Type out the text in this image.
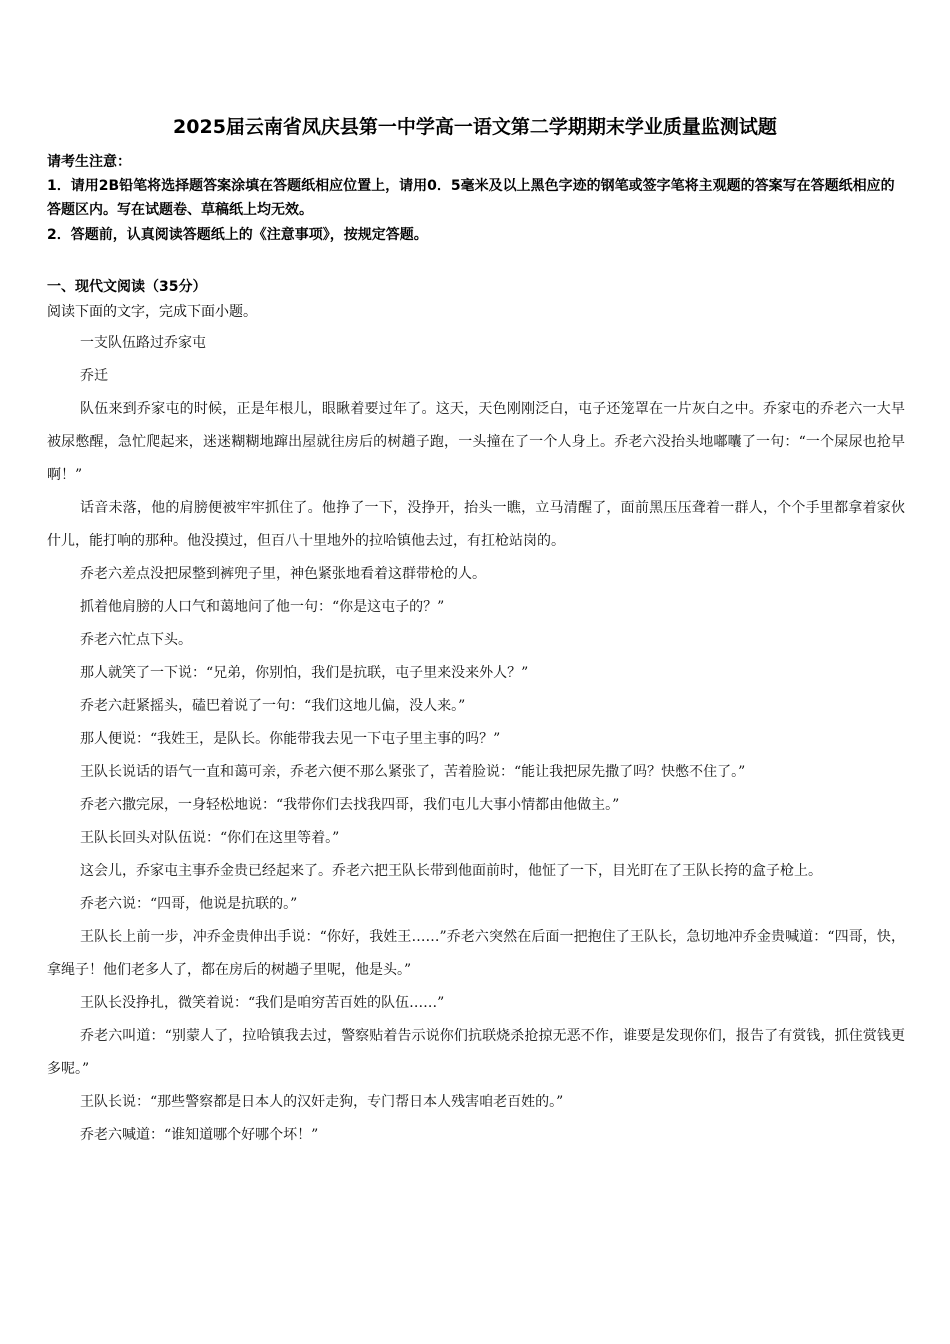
2025届云南省凤庆县第一中学高一语文第二学期期末学业质量监测试题
请考生注意：
1．请用2B铅笔将选择题答案涂填在答题纸相应位置上，请用0．5毫米及以上黑色字迹的钢笔或签字笔将主观题的答案写在答题纸相应的答题区内。写在试题卷、草稿纸上均无效。
2．答题前，认真阅读答题纸上的《注意事项》，按规定答题。
一、现代文阅读（35分）
阅读下面的文字，完成下面小题。

一支队伍路过乔家屯

乔迁

队伍来到乔家屯的时候，正是年根儿，眼瞅着要过年了。这天，天色刚刚泛白，屯子还笼罩在一片灰白之中。乔家屯的乔老六一大早被尿憋醒，急忙爬起来，迷迷糊糊地蹿出屋就往房后的树趟子跑，一头撞在了一个人身上。乔老六没抬头地嘟囔了一句：“一个屎尿也抢早啊！”

话音未落，他的肩膀便被牢牢抓住了。他挣了一下，没挣开，抬头一瞧，立马清醒了，面前黑压压聋着一群人，个个手里都拿着家伙什儿，能打响的那种。他没摸过，但百八十里地外的拉哈镇他去过，有扛枪站岗的。

乔老六差点没把尿整到裤兜子里，神色紧张地看着这群带枪的人。

抓着他肩膀的人口气和蔼地问了他一句：“你是这屯子的？”

乔老六忙点下头。

那人就笑了一下说：“兄弟，你别怕，我们是抗联，屯子里来没来外人？”

乔老六赶紧摇头，磕巴着说了一句：“我们这地儿偏，没人来。”

那人便说：“我姓王，是队长。你能带我去见一下屯子里主事的吗？”

王队长说话的语气一直和蔼可亲，乔老六便不那么紧张了，苦着脸说：“能让我把尿先撒了吗？快憋不住了。”

乔老六撒完尿，一身轻松地说：“我带你们去找我四哥，我们屯儿大事小情都由他做主。”

王队长回头对队伍说：“你们在这里等着。”

这会儿，乔家屯主事乔金贵已经起来了。乔老六把王队长带到他面前时，他怔了一下，目光盯在了王队长挎的盒子枪上。

乔老六说：“四哥，他说是抗联的。”

王队长上前一步，冲乔金贵伸出手说：“你好，我姓王……”乔老六突然在后面一把抱住了王队长，急切地冲乔金贵喊道：“四哥，快，拿绳子！他们老多人了，都在房后的树趟子里呢，他是头。”

王队长没挣扎，微笑着说：“我们是咱穷苦百姓的队伍……”

乔老六叫道：“别蒙人了，拉哈镇我去过，警察贴着告示说你们抗联烧杀抢掠无恶不作，谁要是发现你们，报告了有赏钱，抓住赏钱更多呢。”

王队长说：“那些警察都是日本人的汉奸走狗，专门帮日本人残害咱老百姓的。”

乔老六喊道：“谁知道哪个好哪个坏！”
